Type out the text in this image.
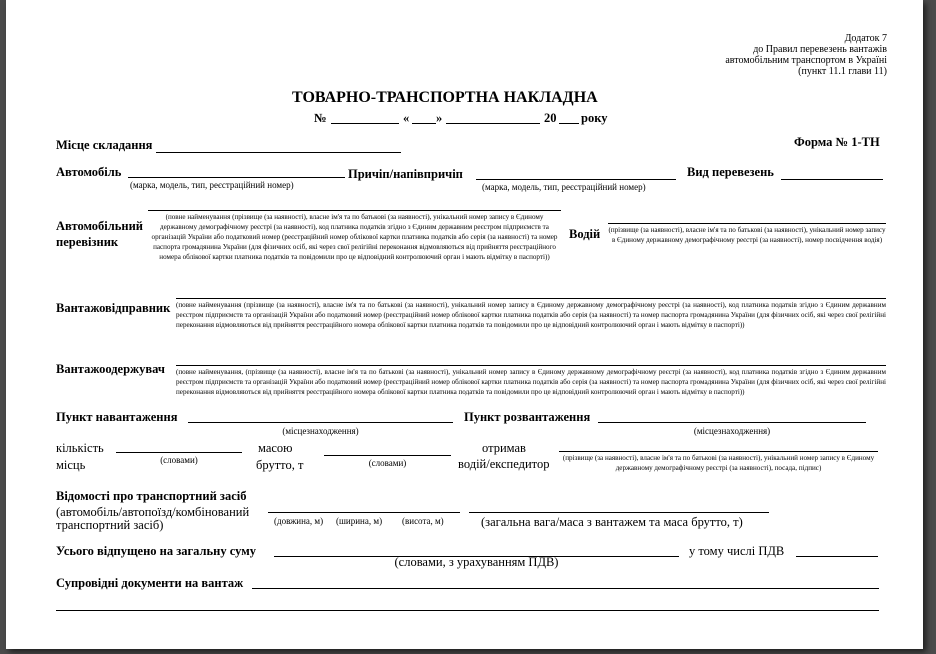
Додаток 7
до Правил перевезень вантажів
автомобільним транспортом в Україні
(пункт 11.1 глави 11)
ТОВАРНО-ТРАНСПОРТНА НАКЛАДНА
№	« »	20 року
Форма № 1-ТН
Місце складання
Автомобіль
(марка, модель, тип, реєстраційний номер)
Причіп/напівпричіп
(марка, модель, тип, реєстраційний номер)
Вид перевезень
Автомобільний
перевізник
(повне найменування (прізвище (за наявності), власне ім'я та по батькові (за наявності), унікальний номер запису в Єдиному державному демографічному реєстрі (за наявності), код платника податків згідно з Єдиним державним реєстром підприємств та організацій України або податковий номер (реєстраційний номер облікової картки платника податків або серія (за наявності) та номер паспорта громадянина України (для фізичних осіб, які через свої релігійні переконання відмовляються від прийняття реєстраційного номера облікової картки платника податків та повідомили про це відповідний контролюючий орган і мають відмітку в паспорті))
Водій (прізвище (за наявності), власне ім'я та по батькові (за наявності), унікальний номер запису в Єдиному державному демографічному реєстрі (за наявності), номер посвідчення водія)
Вантажовідправник (повне найменування (прізвище (за наявності), власне ім'я та по батькові (за наявності), унікальний номер запису в Єдиному державному демографічному реєстрі (за наявності), код платника податків згідно з Єдиним державним реєстром підприємств та організацій України або податковий номер (реєстраційний номер облікової картки платника податків або серія (за наявності) та номер паспорта громадянина України (для фізичних осіб, які через свої релігійні переконання відмовляються від прийняття реєстраційного номера облікової картки платника податків та повідомили про це відповідний контролюючий орган і мають відмітку в паспорті))
Вантажоодержувач (повне найменування, (прізвище (за наявності), власне ім'я та по батькові (за наявності), унікальний номер запису в Єдиному державному демографічному реєстрі (за наявності), код платника податків згідно з Єдиним державним реєстром підприємств та організацій України або податковий номер (реєстраційний номер облікової картки платника податків або серія (за наявності) та номер паспорта громадянина України (для фізичних осіб, які через свої релігійні переконання відмовляються від прийняття реєстраційного номера облікової картки платника податків та повідомили про це відповідний контролюючий орган і мають відмітку в паспорті))
Пункт навантаження
(місцезнаходження)
Пункт розвантаження
(місцезнаходження)
кількість
місць	(словами)
масою
брутто, т	(словами)
отримав
водій/експедитор	(прізвище (за наявності), власне ім'я та по батькові (за наявності), унікальний номер запису в Єдиному державному демографічному реєстрі (за наявності), посада, підпис)
Відомості про транспортний засіб
(автомобіль/автопоїзд/комбінований
транспортний засіб)	(довжина, м) (ширина, м) (висота, м)	(загальна вага/маса з вантажем та маса брутто, т)
Усього відпущено на загальну суму
(словами, з урахуванням ПДВ)
у тому числі ПДВ
Супровідні документи на вантаж
